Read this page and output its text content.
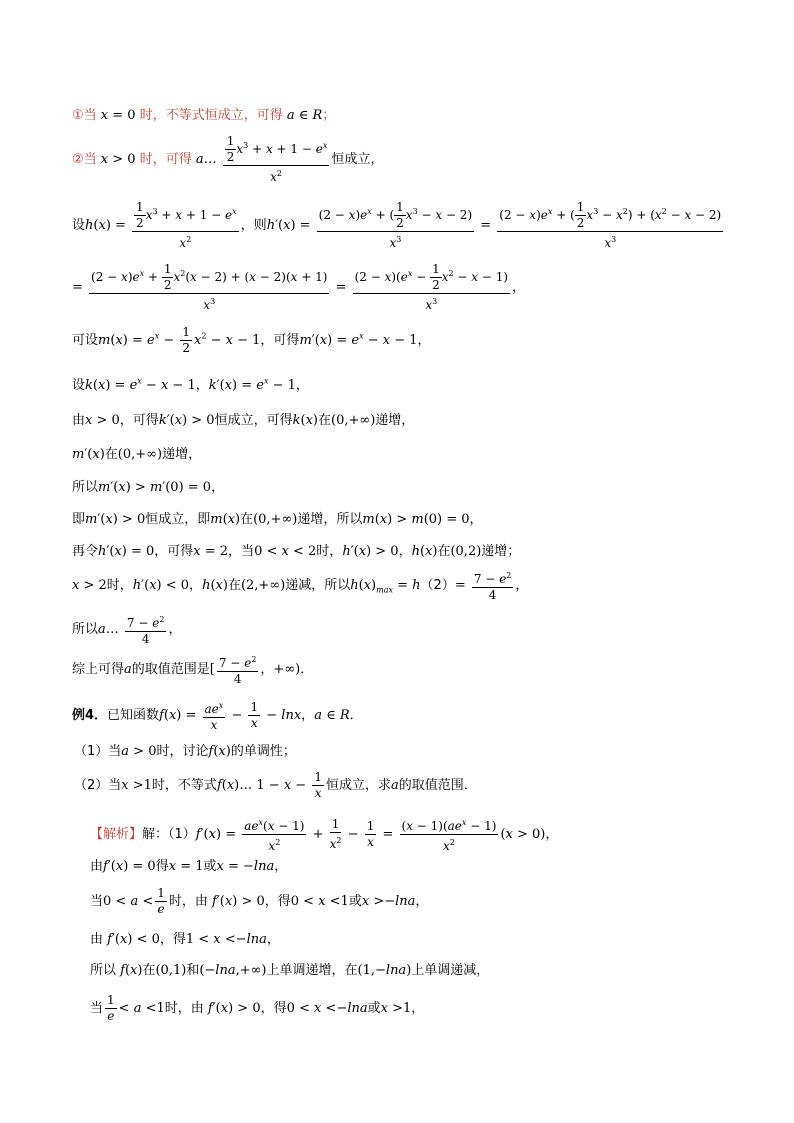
①当 x = 0 时，不等式恒成立，可得 a ∈ R；
②当 x > 0 时，可得 a… $\frac{\frac{1}{2} x^3 + x + 1 - e^x}{x^2}$ 恒成立，
设$h(x) = \frac{\frac{1}{2} x^3 + x + 1 - e^x}{x^2}$ ，则$h'(x) = \frac{(2 - x)e^x + ( \frac{1}{2} x^3 - x - 2)}{x^3} = \frac{(2 - x)e^x + ( \frac{1}{2} x^3 - x^2) + (x^2 - x - 2)}{x^3}$
= $\frac{(2 - x)e^x + \frac{1}{2} x^2(x - 2) + (x - 2)(x + 1)}{x^3} = \frac{(2 - x)(e^x - \frac{1}{2} x^2 - x - 1)}{x^3}$ ，
可设$m(x) = e^x - \frac{1}{2} x^2 - x - 1$，可得$m'(x) = e^x - x - 1$，
设$k(x) = e^x - x - 1$，$k'(x) = e^x - 1$，
由x > 0，可得k′(x) > 0恒成立，可得k(x)在(0,+∞)递增，
m′(x)在(0,+∞)递增，
所以m′(x) > m′(0) = 0，
即m′(x) > 0恒成立，即m(x)在(0,+∞)递增，所以m(x) > m(0) = 0，
再令h′(x) = 0，可得x = 2，当0 < x < 2时，h′(x) > 0，h(x)在(0,2)递增；
x > 2时，h′(x) < 0，h(x)在(2,+∞)递减，所以$h(x)_{max} = h(2)= \frac{7 - e^2}{4}$ ，
所以a… $\frac{7 - e^2}{4}$ ，
综上可得a的取值范围是[ $\frac{7 - e^2}{4}$ ，+∞)．
例4．已知函数$f(x) = ae^x$
x
− $\frac{1}{x} - \ln x$，a ∈ R．
（1）当a > 0时，讨论f(x)的单调性；
（2）当x >1时，不等式f(x)… $1 - x - \frac{1}{x}$ 恒成立，求a的取值范围．
【解析】解：（1）f′(x) =
$ae^x(x - 1)$
$x^2$
+ $\frac{1}{x^2} - \frac{1}{x}$ =
$(x - 1)(ae^x - 1)$
$x^2$
(x > 0)，
由f′(x) = 0得x = 1或x = −lna，
当$0 < a < \frac{1}{e}$ 时，由 f′(x) > 0，得0 < x <1或x >−lna，
由 f′(x) < 0，得1 < x <−lna，
所以 f(x)在(0,1)和(−lna,+∞)上单调递增，在(1,−lna)上单调递减，
当 $\frac{1}{e} < a <1$时，由 f′(x) > 0，得0 < x <−lna或x >1，
